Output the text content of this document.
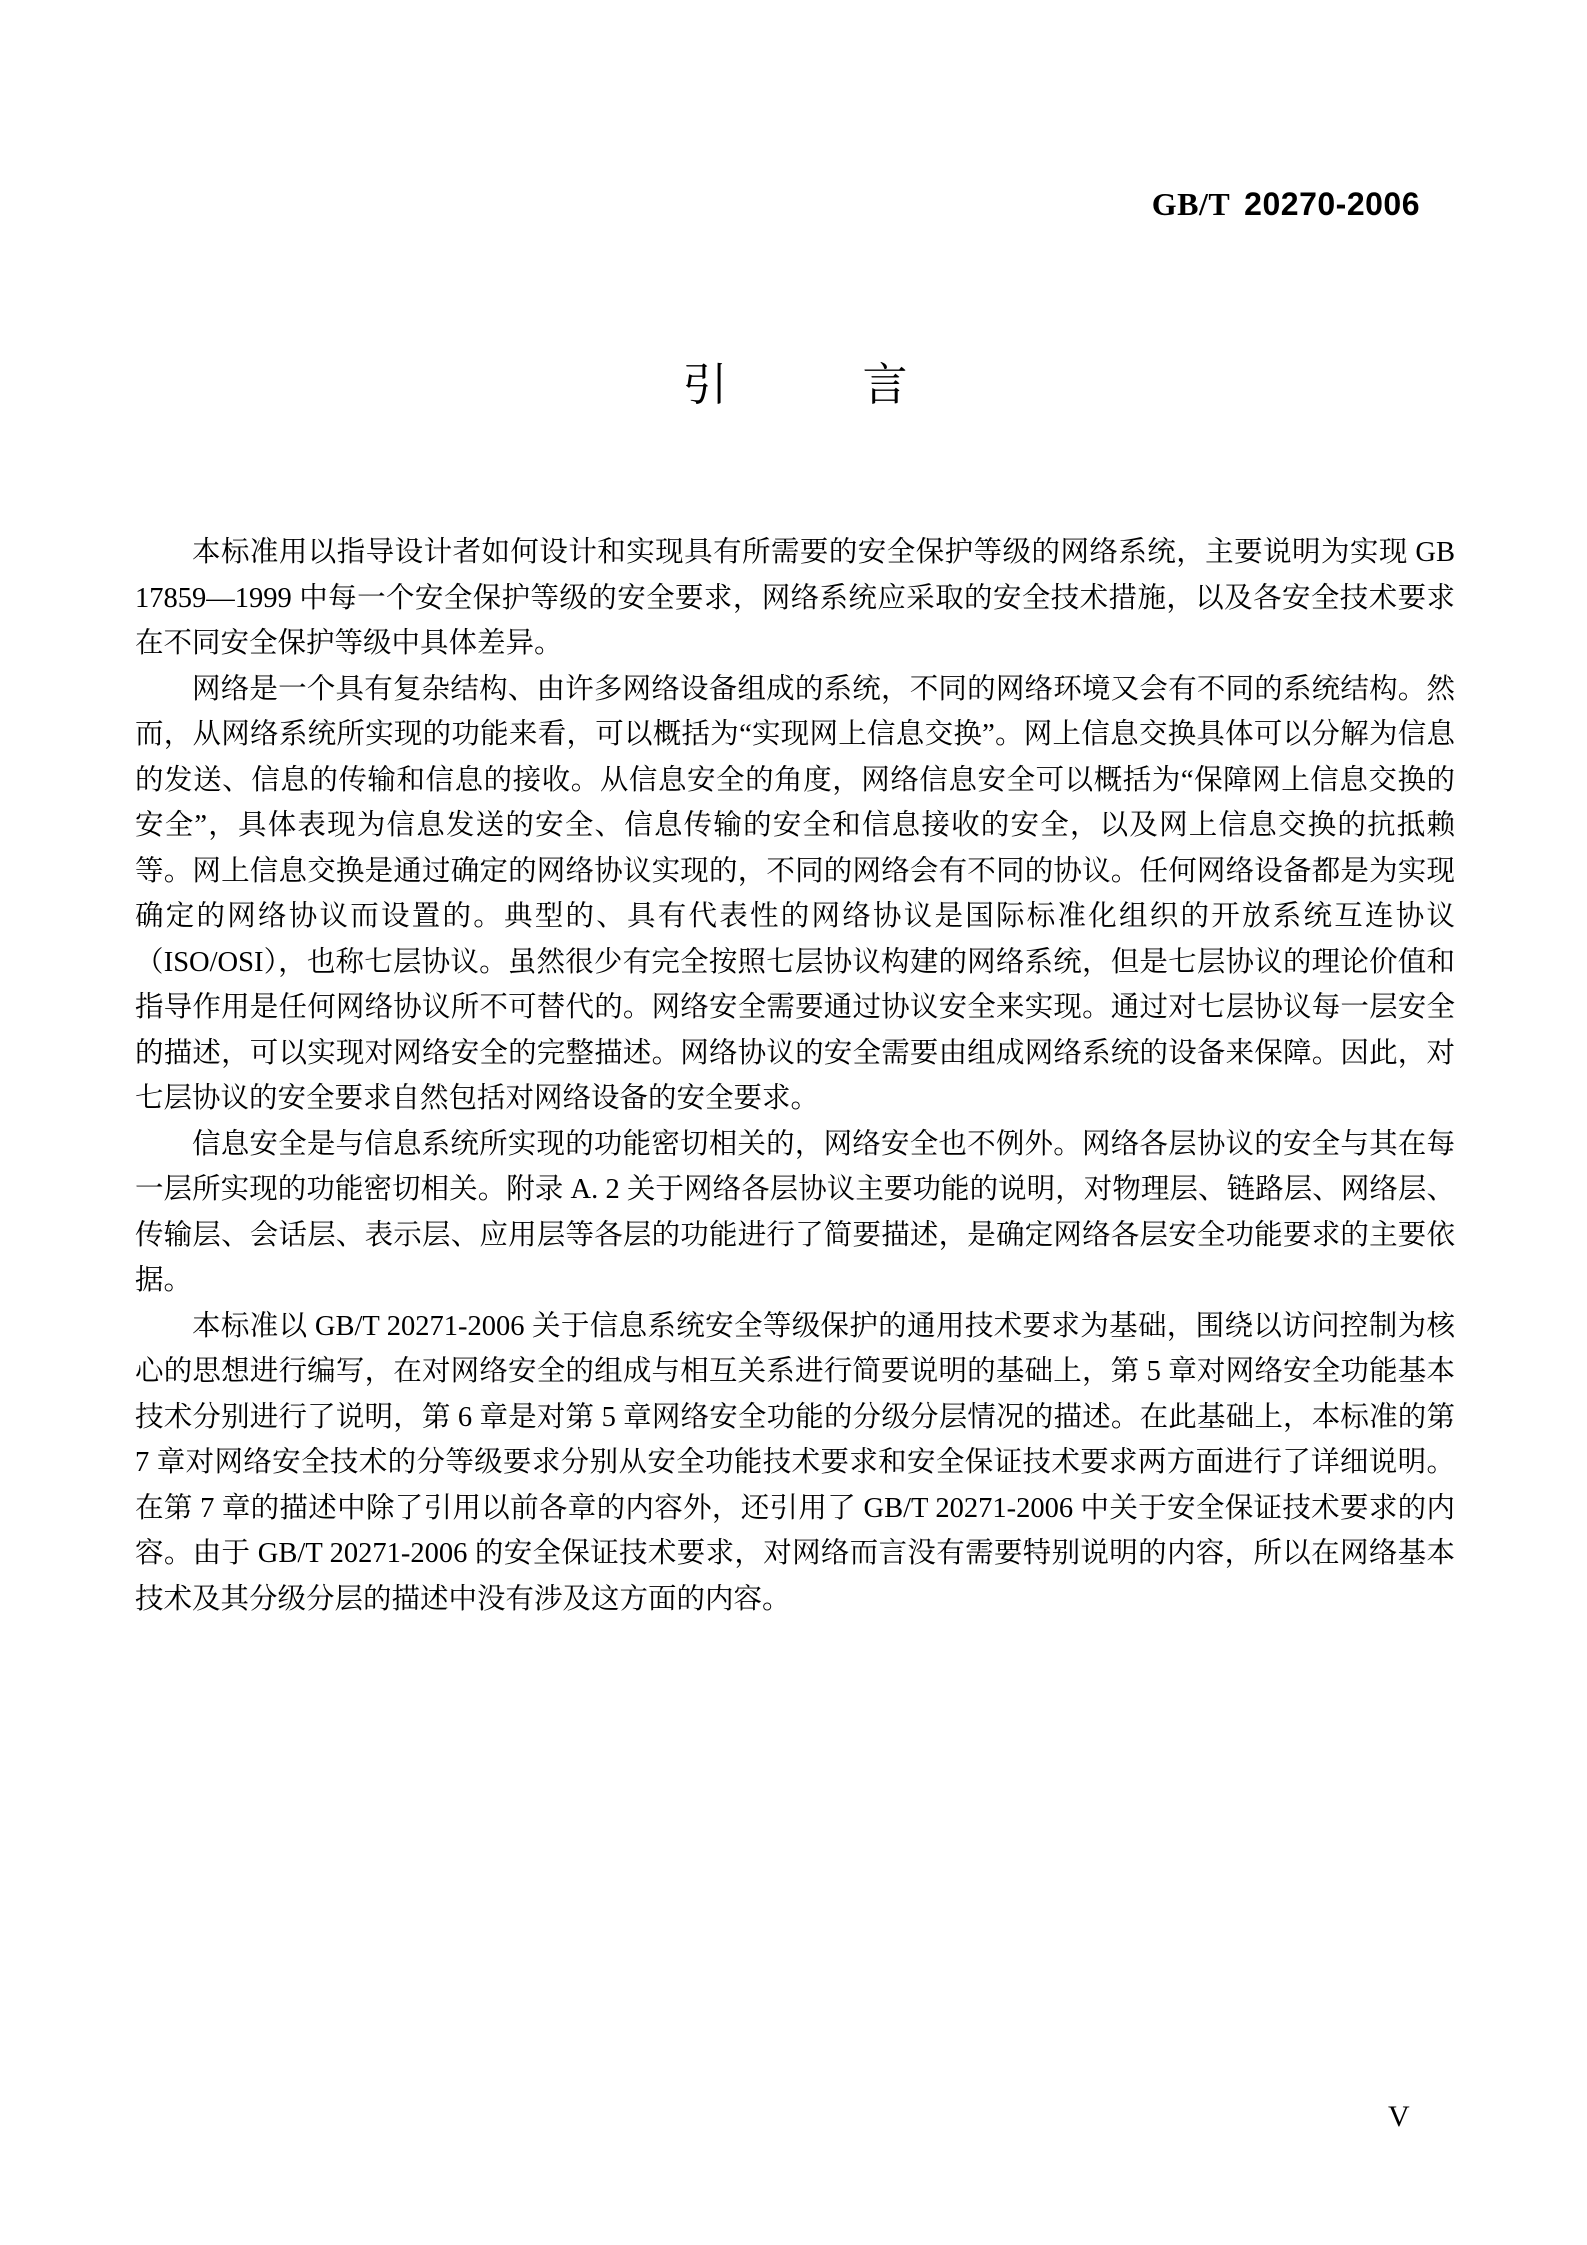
GB/T 20270-2006
引　　　言

本标准用以指导设计者如何设计和实现具有所需要的安全保护等级的网络系统，主要说明为实现 GB 17859—1999 中每一个安全保护等级的安全要求，网络系统应采取的安全技术措施，以及各安全技术要求在不同安全保护等级中具体差异。

网络是一个具有复杂结构、由许多网络设备组成的系统，不同的网络环境又会有不同的系统结构。然而，从网络系统所实现的功能来看，可以概括为“实现网上信息交换”。网上信息交换具体可以分解为信息的发送、信息的传输和信息的接收。从信息安全的角度，网络信息安全可以概括为“保障网上信息交换的安全”，具体表现为信息发送的安全、信息传输的安全和信息接收的安全，以及网上信息交换的抗抵赖等。网上信息交换是通过确定的网络协议实现的，不同的网络会有不同的协议。任何网络设备都是为实现确定的网络协议而设置的。典型的、具有代表性的网络协议是国际标准化组织的开放系统互连协议（ISO/OSI），也称七层协议。虽然很少有完全按照七层协议构建的网络系统，但是七层协议的理论价值和指导作用是任何网络协议所不可替代的。网络安全需要通过协议安全来实现。通过对七层协议每一层安全的描述，可以实现对网络安全的完整描述。网络协议的安全需要由组成网络系统的设备来保障。因此，对七层协议的安全要求自然包括对网络设备的安全要求。

信息安全是与信息系统所实现的功能密切相关的，网络安全也不例外。网络各层协议的安全与其在每一层所实现的功能密切相关。附录 A. 2 关于网络各层协议主要功能的说明，对物理层、链路层、网络层、传输层、会话层、表示层、应用层等各层的功能进行了简要描述，是确定网络各层安全功能要求的主要依据。

本标准以 GB/T 20271-2006 关于信息系统安全等级保护的通用技术要求为基础，围绕以访问控制为核心的思想进行编写，在对网络安全的组成与相互关系进行简要说明的基础上，第 5 章对网络安全功能基本技术分别进行了说明，第 6 章是对第 5 章网络安全功能的分级分层情况的描述。在此基础上，本标准的第 7 章对网络安全技术的分等级要求分别从安全功能技术要求和安全保证技术要求两方面进行了详细说明。在第 7 章的描述中除了引用以前各章的内容外，还引用了 GB/T 20271-2006 中关于安全保证技术要求的内容。由于 GB/T 20271-2006 的安全保证技术要求，对网络而言没有需要特别说明的内容，所以在网络基本技术及其分级分层的描述中没有涉及这方面的内容。

V
